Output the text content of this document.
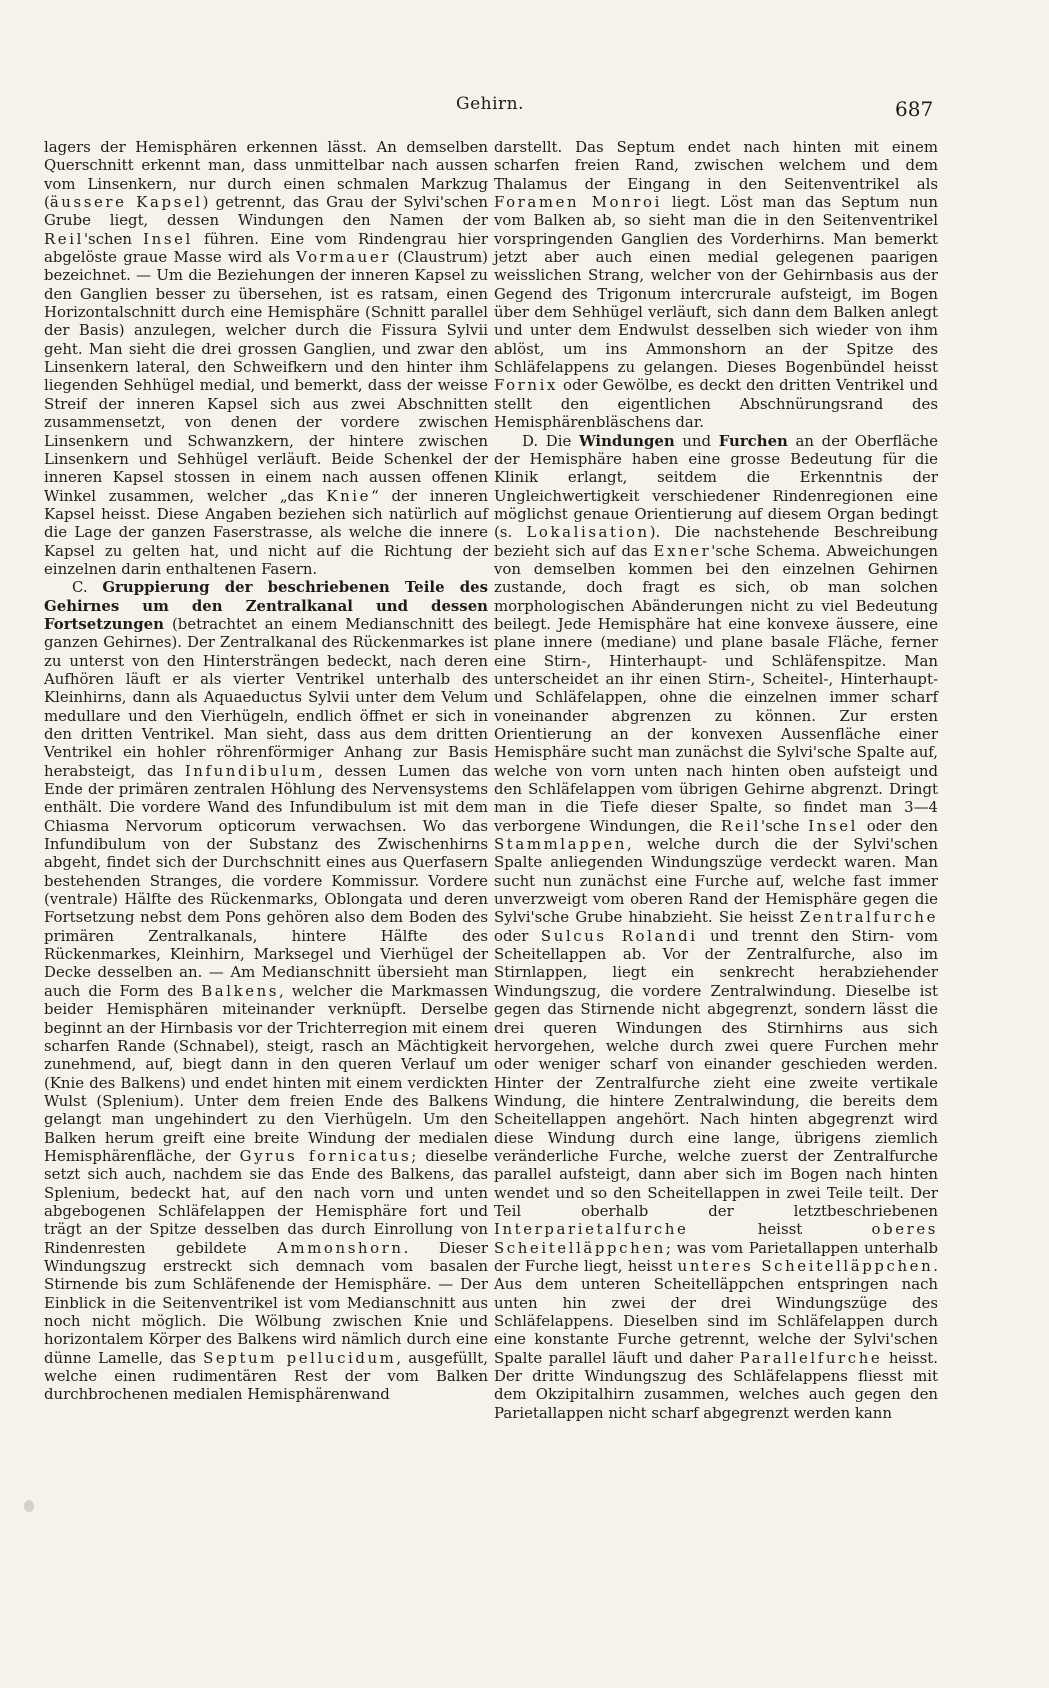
Gehirn.	687

lagers der Hemisphären erkennen lässt. An demselben Querschnitt erkennt man, dass unmittelbar nach aussen vom Linsenkern, nur durch einen schmalen Markzug (äussere Kapsel) getrennt, das Grau der Sylvi'schen Grube liegt, dessen Windungen den Namen der Reil'schen Insel führen. Eine vom Rindengrau hier abgelöste graue Masse wird als Vormauer (Claustrum) bezeichnet. — Um die Beziehungen der inneren Kapsel zu den Ganglien besser zu übersehen, ist es ratsam, einen Horizontalschnitt durch eine Hemisphäre (Schnitt parallel der Basis) anzulegen, welcher durch die Fissura Sylvii geht. Man sieht die drei grossen Ganglien, und zwar den Linsenkern lateral, den Schweifkern und den hinter ihm liegenden Sehhügel medial, und bemerkt, dass der weisse Streif der inneren Kapsel sich aus zwei Abschnitten zusammensetzt, von denen der vordere zwischen Linsenkern und Schwanzkern, der hintere zwischen Linsenkern und Sehhügel verläuft. Beide Schenkel der inneren Kapsel stossen in einem nach aussen offenen Winkel zusammen, welcher „das Knie“ der inneren Kapsel heisst. Diese Angaben beziehen sich natürlich auf die Lage der ganzen Faserstrasse, als welche die innere Kapsel zu gelten hat, und nicht auf die Richtung der einzelnen darin enthaltenen Fasern.

C. Gruppierung der beschriebenen Teile des Gehirnes um den Zentralkanal und dessen Fortsetzungen (betrachtet an einem Medianschnitt des ganzen Gehirnes). Der Zentralkanal des Rückenmarkes ist zu unterst von den Hintersträngen bedeckt, nach deren Aufhören läuft er als vierter Ventrikel unterhalb des Kleinhirns, dann als Aquaeductus Sylvii unter dem Velum medullare und den Vierhügeln, endlich öffnet er sich in den dritten Ventrikel. Man sieht, dass aus dem dritten Ventrikel ein hohler röhrenförmiger Anhang zur Basis herabsteigt, das Infundibulum, dessen Lumen das Ende der primären zentralen Höhlung des Nervensystems enthält. Die vordere Wand des Infundibulum ist mit dem Chiasma Nervorum opticorum verwachsen. Wo das Infundibulum von der Substanz des Zwischenhirns abgeht, findet sich der Durchschnitt eines aus Querfasern bestehenden Stranges, die vordere Kommissur. Vordere (ventrale) Hälfte des Rückenmarks, Oblongata und deren Fortsetzung nebst dem Pons gehören also dem Boden des primären Zentralkanals, hintere Hälfte des Rückenmarkes, Kleinhirn, Marksegel und Vierhügel der Decke desselben an. — Am Medianschnitt übersieht man auch die Form des Balkens, welcher die Markmassen beider Hemisphären miteinander verknüpft. Derselbe beginnt an der Hirnbasis vor der Trichterregion mit einem scharfen Rande (Schnabel), steigt, rasch an Mächtigkeit zunehmend, auf, biegt dann in den queren Verlauf um (Knie des Balkens) und endet hinten mit einem verdickten Wulst (Splenium). Unter dem freien Ende des Balkens gelangt man ungehindert zu den Vierhügeln. Um den Balken herum greift eine breite Windung der medialen Hemisphärenfläche, der Gyrus fornicatus; dieselbe setzt sich auch, nachdem sie das Ende des Balkens, das Splenium, bedeckt hat, auf den nach vorn und unten abgebogenen Schläfelappen der Hemisphäre fort und trägt an der Spitze desselben das durch Einrollung von Rindenresten gebildete Ammonshorn. Dieser Windungszug erstreckt sich demnach vom basalen Stirnende bis zum Schläfenende der Hemisphäre. — Der Einblick in die Seitenventrikel ist vom Medianschnitt aus noch nicht möglich. Die Wölbung zwischen Knie und horizontalem Körper des Balkens wird nämlich durch eine dünne Lamelle, das Septum pellucidum, ausgefüllt, welche einen rudimentären Rest der vom Balken durchbrochenen medialen Hemisphärenwand

darstellt. Das Septum endet nach hinten mit einem scharfen freien Rand, zwischen welchem und dem Thalamus der Eingang in den Seitenventrikel als Foramen Monroi liegt. Löst man das Septum nun vom Balken ab, so sieht man die in den Seitenventrikel vorspringenden Ganglien des Vorderhirns. Man bemerkt jetzt aber auch einen medial gelegenen paarigen weisslichen Strang, welcher von der Gehirnbasis aus der Gegend des Trigonum intercrurale aufsteigt, im Bogen über dem Sehhügel verläuft, sich dann dem Balken anlegt und unter dem Endwulst desselben sich wieder von ihm ablöst, um ins Ammonshorn an der Spitze des Schläfelappens zu gelangen. Dieses Bogenbündel heisst Fornix oder Gewölbe, es deckt den dritten Ventrikel und stellt den eigentlichen Abschnürungsrand des Hemisphärenbläschens dar.

D. Die Windungen und Furchen an der Oberfläche der Hemisphäre haben eine grosse Bedeutung für die Klinik erlangt, seitdem die Erkenntnis der Ungleichwertigkeit verschiedener Rindenregionen eine möglichst genaue Orientierung auf diesem Organ bedingt (s. Lokalisation). Die nachstehende Beschreibung bezieht sich auf das Exner'sche Schema. Abweichungen von demselben kommen bei den einzelnen Gehirnen zustande, doch fragt es sich, ob man solchen morphologischen Abänderungen nicht zu viel Bedeutung beilegt. Jede Hemisphäre hat eine konvexe äussere, eine plane innere (mediane) und plane basale Fläche, ferner eine Stirn-, Hinterhaupt- und Schläfenspitze. Man unterscheidet an ihr einen Stirn-, Scheitel-, Hinterhaupt- und Schläfelappen, ohne die einzelnen immer scharf voneinander abgrenzen zu können. Zur ersten Orientierung an der konvexen Aussenfläche einer Hemisphäre sucht man zunächst die Sylvi'sche Spalte auf, welche von vorn unten nach hinten oben aufsteigt und den Schläfelappen vom übrigen Gehirne abgrenzt. Dringt man in die Tiefe dieser Spalte, so findet man 3—4 verborgene Windungen, die Reil'sche Insel oder den Stammlappen, welche durch die der Sylvi'schen Spalte anliegenden Windungszüge verdeckt waren. Man sucht nun zunächst eine Furche auf, welche fast immer unverzweigt vom oberen Rand der Hemisphäre gegen die Sylvi'sche Grube hinabzieht. Sie heisst Zentralfurche oder Sulcus Rolandi und trennt den Stirn- vom Scheitellappen ab. Vor der Zentralfurche, also im Stirnlappen, liegt ein senkrecht herabziehender Windungszug, die vordere Zentralwindung. Dieselbe ist gegen das Stirnende nicht abgegrenzt, sondern lässt die drei queren Windungen des Stirnhirns aus sich hervorgehen, welche durch zwei quere Furchen mehr oder weniger scharf von einander geschieden werden. Hinter der Zentralfurche zieht eine zweite vertikale Windung, die hintere Zentralwindung, die bereits dem Scheitellappen angehört. Nach hinten abgegrenzt wird diese Windung durch eine lange, übrigens ziemlich veränderliche Furche, welche zuerst der Zentralfurche parallel aufsteigt, dann aber sich im Bogen nach hinten wendet und so den Scheitellappen in zwei Teile teilt. Der Teil oberhalb der letztbeschriebenen Interparietalfurche heisst oberes Scheitelläppchen; was vom Parietallappen unterhalb der Furche liegt, heisst unteres Scheitelläppchen. Aus dem unteren Scheitelläppchen entspringen nach unten hin zwei der drei Windungszüge des Schläfelappens. Dieselben sind im Schläfelappen durch eine konstante Furche getrennt, welche der Sylvi'schen Spalte parallel läuft und daher Parallelfurche heisst. Der dritte Windungszug des Schläfelappens fliesst mit dem Okzipitalhirn zusammen, welches auch gegen den Parietallappen nicht scharf abgegrenzt werden kann
